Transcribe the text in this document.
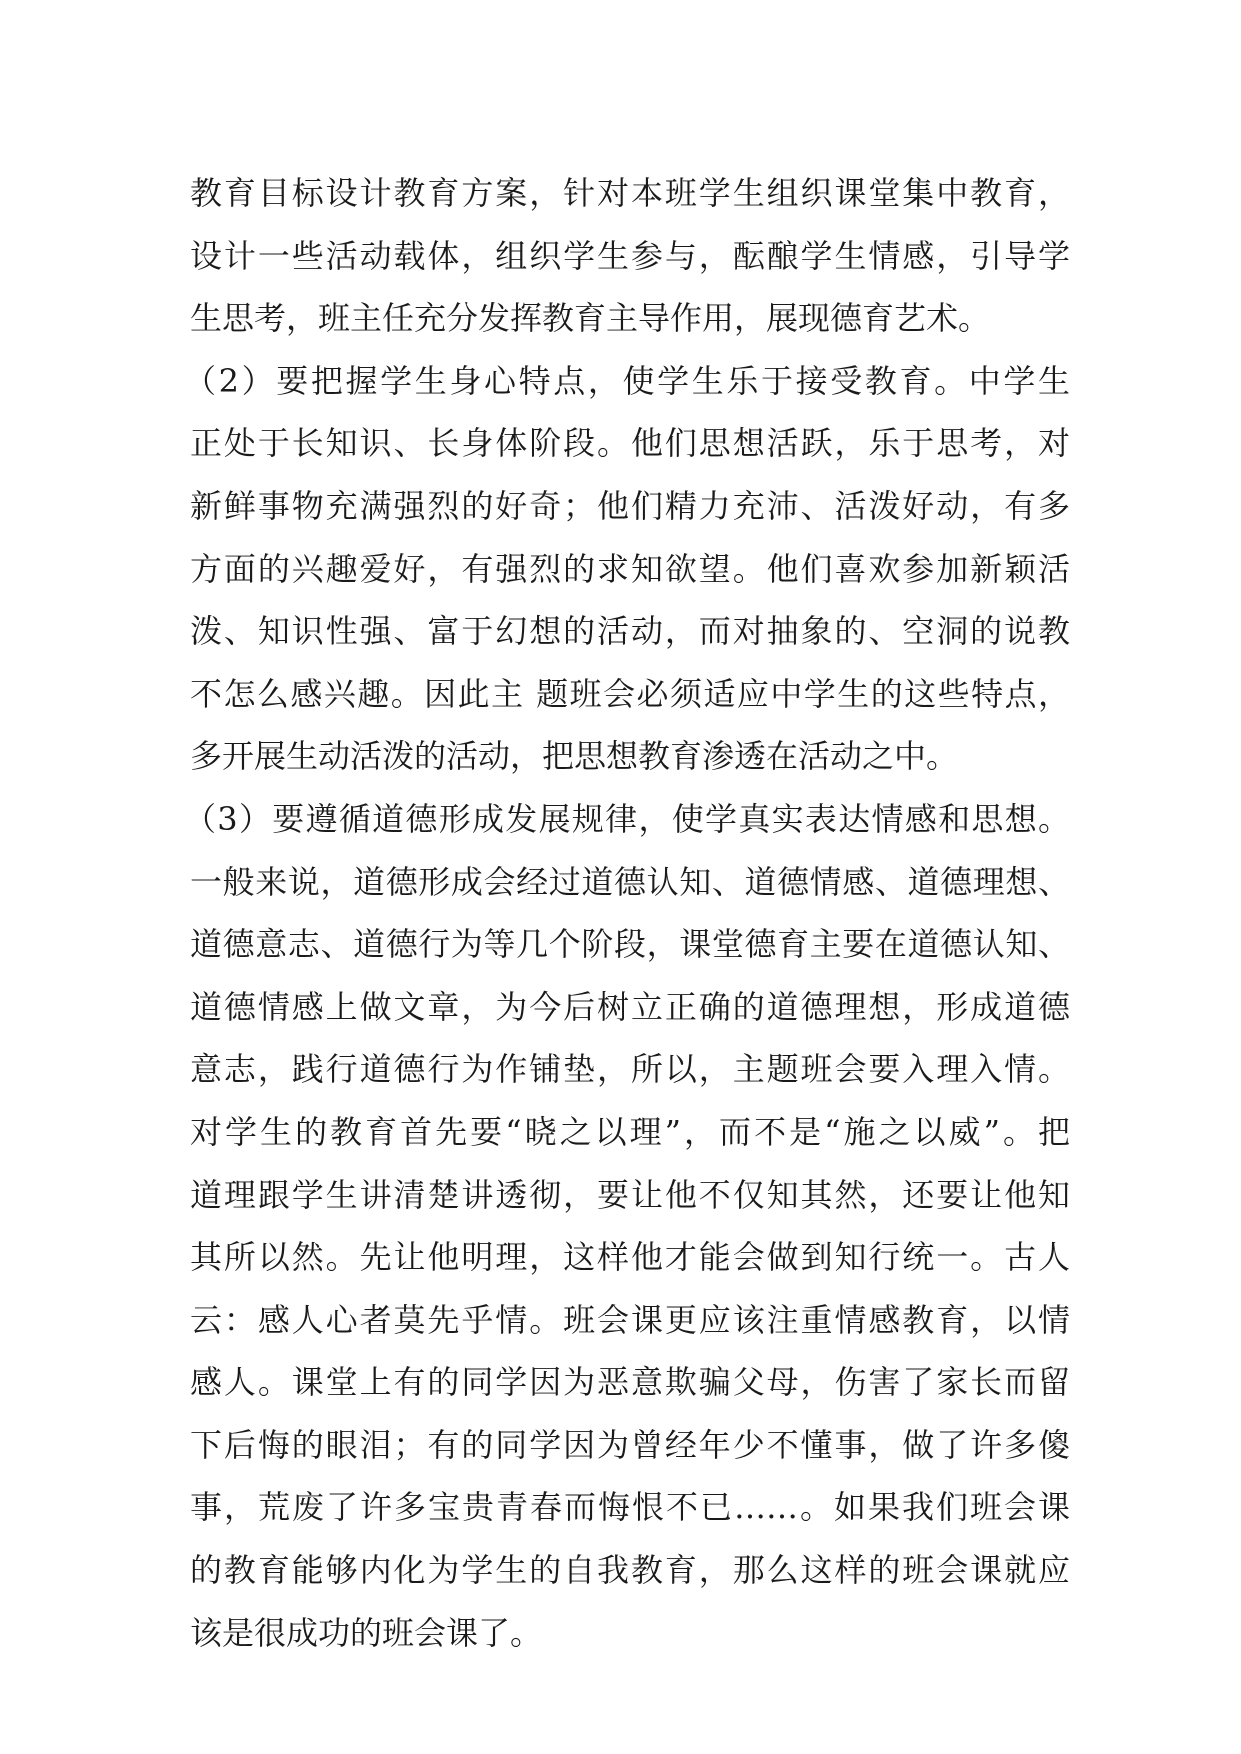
教育目标设计教育方案，针对本班学生组织课堂集中教育，
设计一些活动载体，组织学生参与，酝酿学生情感，引导学
生思考，班主任充分发挥教育主导作用，展现德育艺术。
（2）要把握学生身心特点，使学生乐于接受教育。中学生
正处于长知识、长身体阶段。他们思想活跃，乐于思考，对
新鲜事物充满强烈的好奇；他们精力充沛、活泼好动，有多
方面的兴趣爱好，有强烈的求知欲望。他们喜欢参加新颖活
泼、知识性强、富于幻想的活动，而对抽象的、空洞的说教
不怎么感兴趣。因此主 题班会必须适应中学生的这些特点，
多开展生动活泼的活动，把思想教育渗透在活动之中。
（3）要遵循道德形成发展规律，使学真实表达情感和思想。
一般来说，道德形成会经过道德认知、道德情感、道德理想、
道德意志、道德行为等几个阶段，课堂德育主要在道德认知、
道德情感上做文章，为今后树立正确的道德理想，形成道德
意志，践行道德行为作铺垫，所以，主题班会要入理入情。
对学生的教育首先要“晓之以理”，而不是“施之以威”。把
道理跟学生讲清楚讲透彻，要让他不仅知其然，还要让他知
其所以然。先让他明理，这样他才能会做到知行统一。古人
云：感人心者莫先乎情。班会课更应该注重情感教育，以情
感人。课堂上有的同学因为恶意欺骗父母，伤害了家长而留
下后悔的眼泪；有的同学因为曾经年少不懂事，做了许多傻
事，荒废了许多宝贵青春而悔恨不已……。如果我们班会课
的教育能够内化为学生的自我教育，那么这样的班会课就应
该是很成功的班会课了。
